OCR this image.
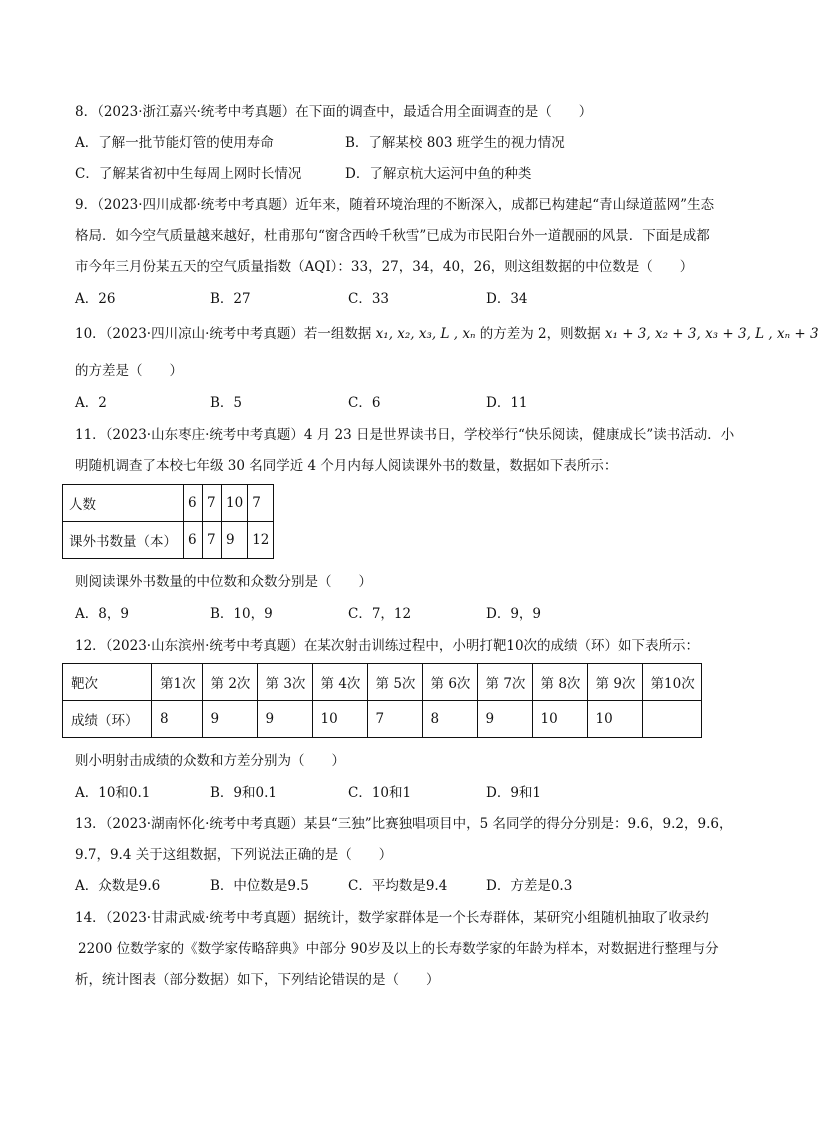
8．（2023·浙江嘉兴·统考中考真题）在下面的调查中，最适合用全面调查的是（　　）
A．了解一批节能灯管的使用寿命	B．了解某校 803 班学生的视力情况
C．了解某省初中生每周上网时长情况	D．了解京杭大运河中鱼的种类
9．（2023·四川成都·统考中考真题）近年来，随着环境治理的不断深入，成都已构建起“青山绿道蓝网”生态
格局．如今空气质量越来越好，杜甫那句“窗含西岭千秋雪”已成为市民阳台外一道靓丽的风景．下面是成都
市今年三月份某五天的空气质量指数（AQI）：33，27，34，40，26，则这组数据的中位数是（　　）
A．26	B．27	C．33	D．34
10．（2023·四川凉山·统考中考真题）若一组数据 x₁, x₂, x₃, L , xₙ 的方差为 2，则数据 x₁ + 3, x₂ + 3, x₃ + 3, L , xₙ + 3
的方差是（　　）
A．2	B．5	C．6	D．11
11．（2023·山东枣庄·统考中考真题）4 月 23 日是世界读书日，学校举行“快乐阅读，健康成长”读书活动．小
明随机调查了本校七年级 30 名同学近 4 个月内每人阅读课外书的数量，数据如下表所示：
人数	6	7	10	7
课外书数量（本）	6	7	9	12
则阅读课外书数量的中位数和众数分别是（　　）
A．8，9	B．10，9	C．7，12	D．9，9
12．（2023·山东滨州·统考中考真题）在某次射击训练过程中，小明打靶10次的成绩（环）如下表所示：
靶次	第1次	第 2次	第 3次	第 4次	第 5次	第 6次	第 7次	第 8次	第 9次	第10次
成绩（环）	8	9	9	10	7	8	9	10	10	
则小明射击成绩的众数和方差分别为（　　）
A．10和0.1	B．9和0.1	C．10和1	D．9和1
13．（2023·湖南怀化·统考中考真题）某县“三独”比赛独唱项目中，5 名同学的得分分别是：9.6，9.2，9.6，
9.7，9.4 关于这组数据，下列说法正确的是（　　）
A．众数是9.6	B．中位数是9.5	C．平均数是9.4	D．方差是0.3
14．（2023·甘肃武威·统考中考真题）据统计，数学家群体是一个长寿群体，某研究小组随机抽取了收录约
2200 位数学家的《数学家传略辞典》中部分 90岁及以上的长寿数学家的年龄为样本，对数据进行整理与分
析，统计图表（部分数据）如下，下列结论错误的是（　　）
